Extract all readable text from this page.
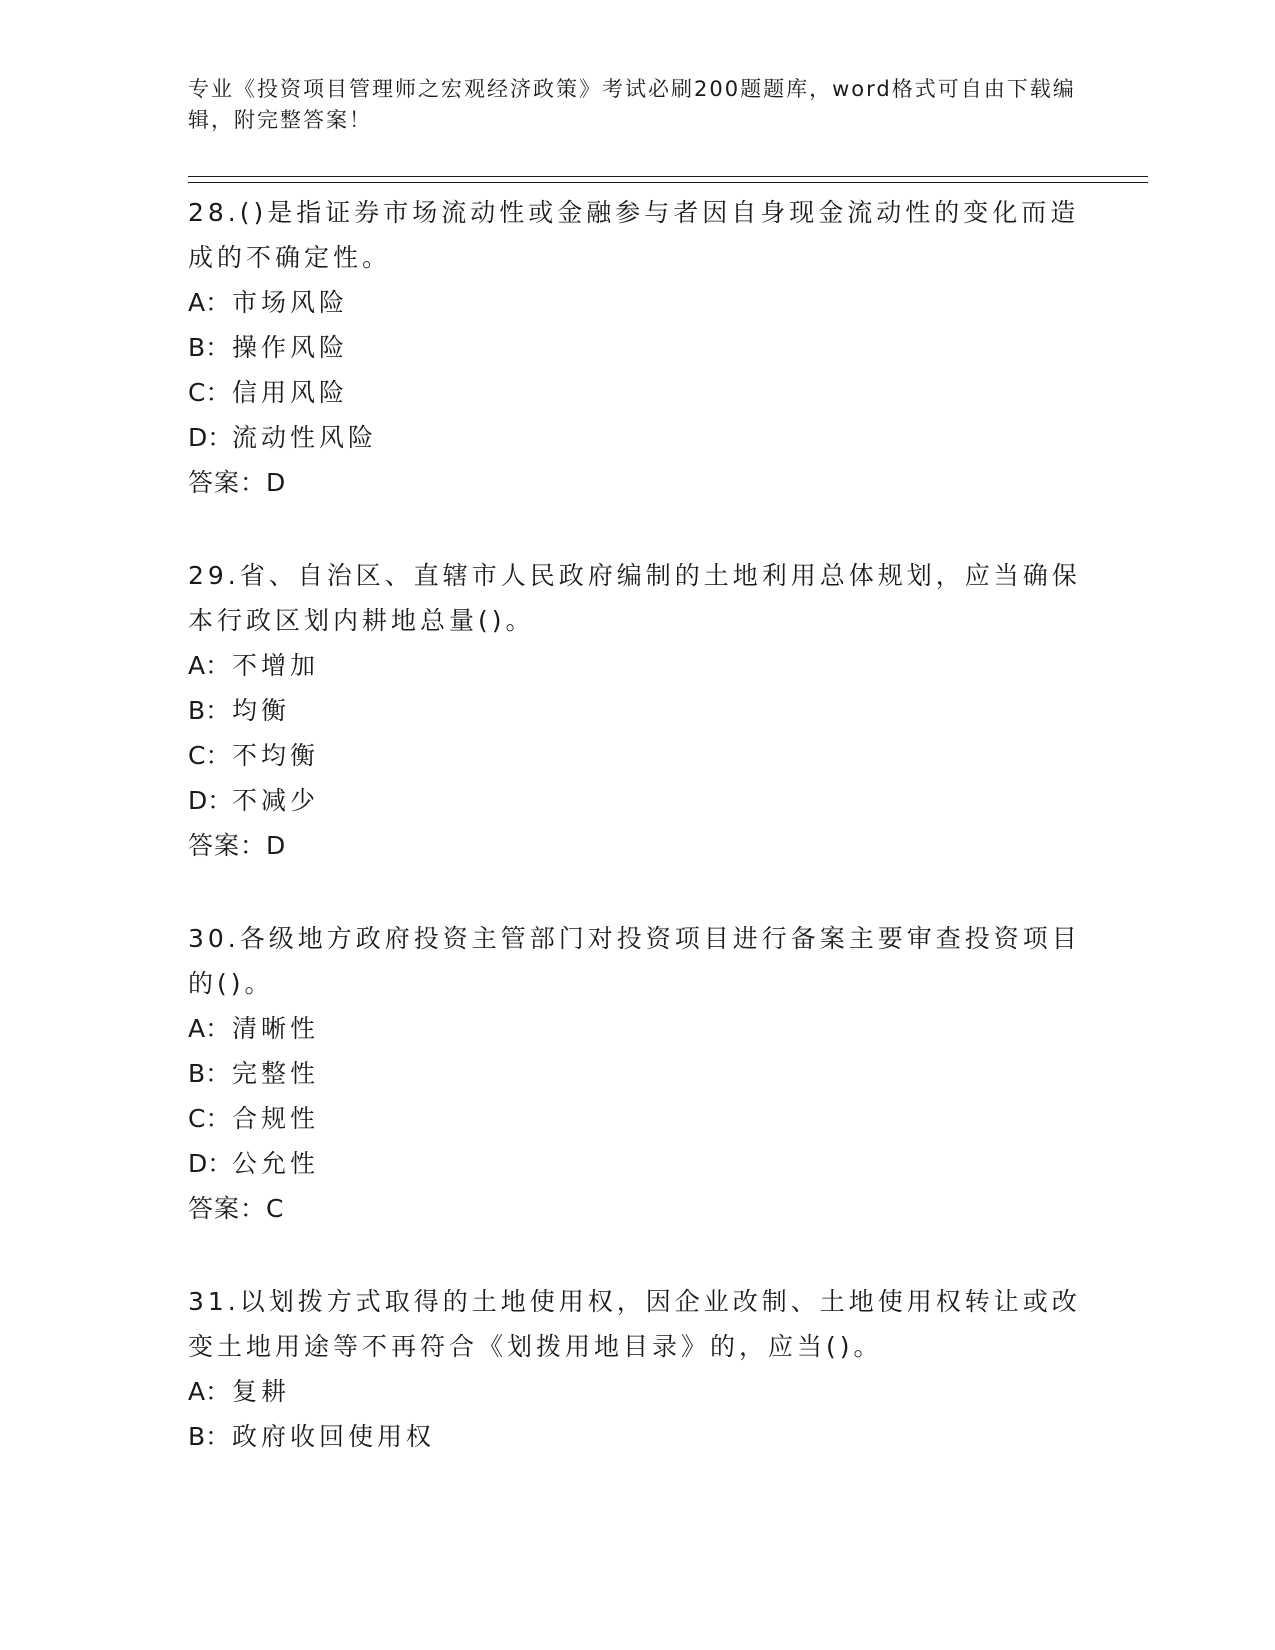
专业《投资项目管理师之宏观经济政策》考试必刷200题题库，word格式可自由下载编辑，附完整答案！
28.()是指证券市场流动性或金融参与者因自身现金流动性的变化而造成的不确定性。
A：市场风险
B：操作风险
C：信用风险
D：流动性风险
答案：D
29.省、自治区、直辖市人民政府编制的土地利用总体规划，应当确保本行政区划内耕地总量()。
A：不增加
B：均衡
C：不均衡
D：不减少
答案：D
30.各级地方政府投资主管部门对投资项目进行备案主要审查投资项目的()。
A：清晰性
B：完整性
C：合规性
D：公允性
答案：C
31.以划拨方式取得的土地使用权，因企业改制、土地使用权转让或改变土地用途等不再符合《划拨用地目录》的，应当()。
A：复耕
B：政府收回使用权
